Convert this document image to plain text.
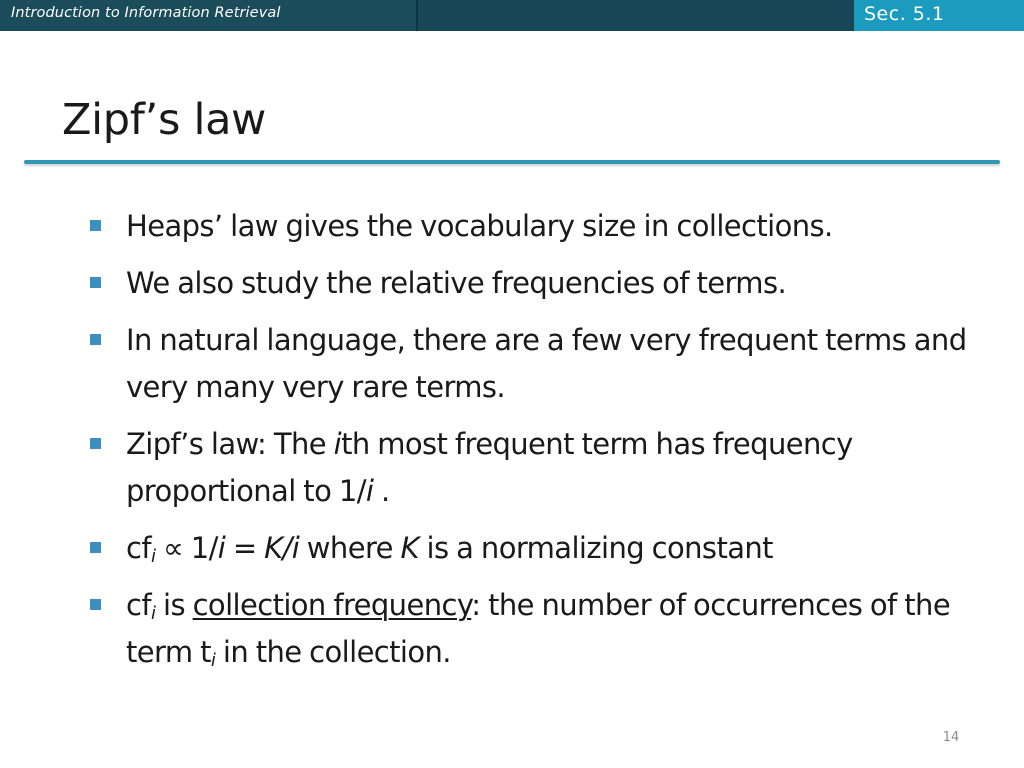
Introduction to Information Retrieval	Sec. 5.1
Zipf’s law
Heaps’ law gives the vocabulary size in collections.
We also study the relative frequencies of terms.
In natural language, there are a few very frequent terms and very many very rare terms.
Zipf’s law: The ith most frequent term has frequency proportional to 1/i .
$cf_i \propto 1/i = K/i$ where K is a normalizing constant
$cf_i$ is collection frequency: the number of occurrences of the term $t_i$ in the collection.
14
